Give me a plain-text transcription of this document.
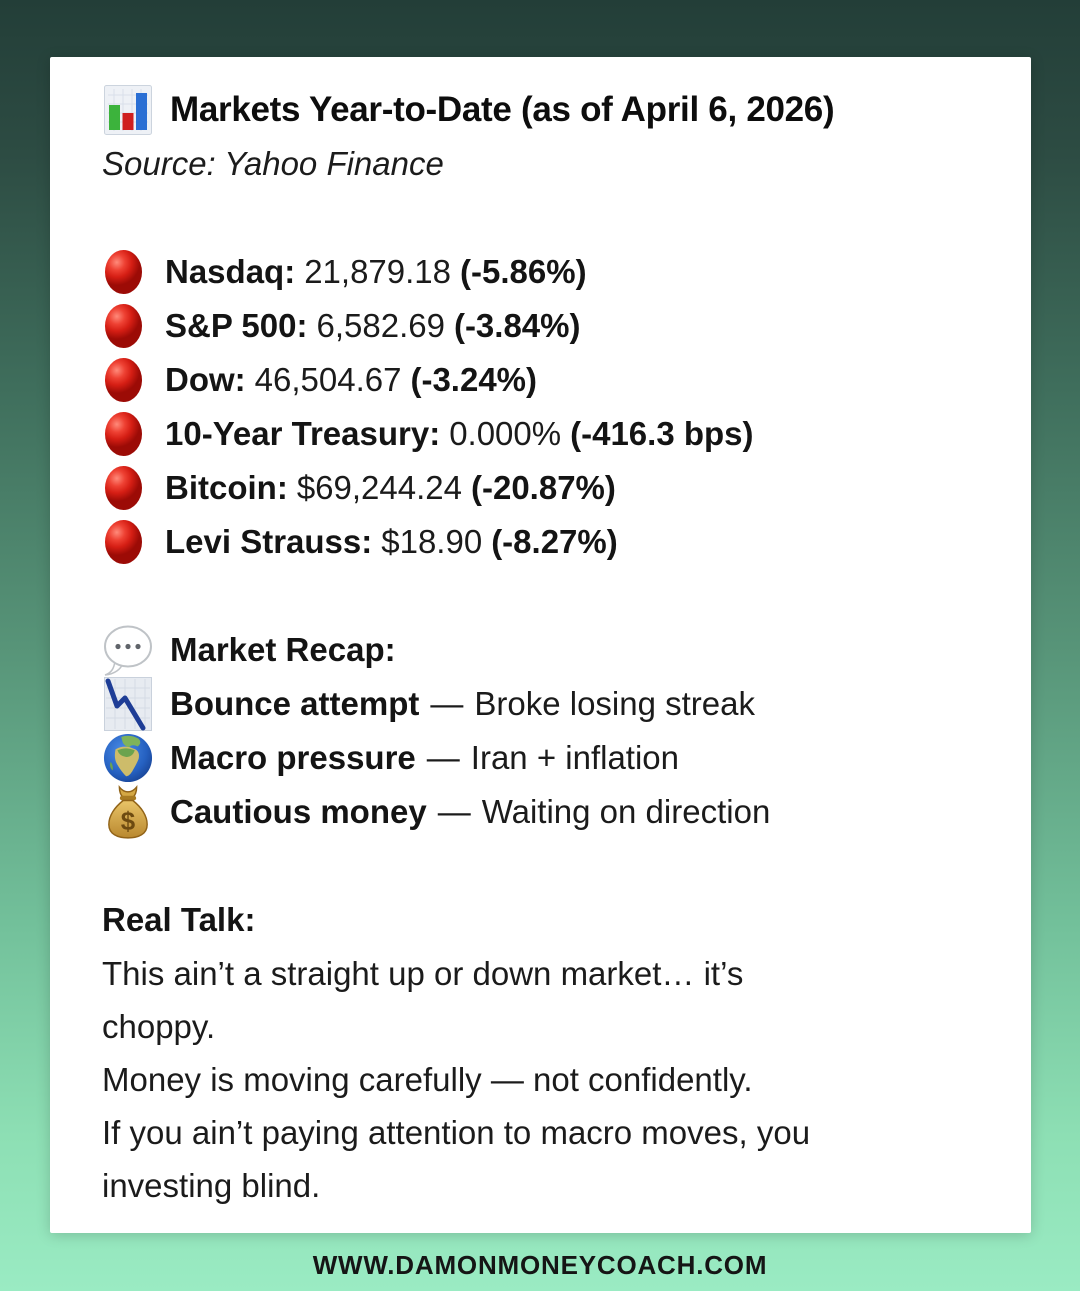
Markets Year-to-Date (as of April 6, 2026)
Source: Yahoo Finance
Nasdaq: 21,879.18 (-5.86%)
S&P 500: 6,582.69 (-3.84%)
Dow: 46,504.67 (-3.24%)
10-Year Treasury: 0.000% (-416.3 bps)
Bitcoin: $69,244.24 (-20.87%)
Levi Strauss: $18.90 (-8.27%)
Market Recap:
Bounce attempt — Broke losing streak
Macro pressure — Iran + inflation
$ Cautious money — Waiting on direction
Real Talk:
This ain’t a straight up or down market… it’s
choppy.
Money is moving carefully — not confidently.
If you ain’t paying attention to macro moves, you
investing blind.
WWW.DAMONMONEYCOACH.COM
